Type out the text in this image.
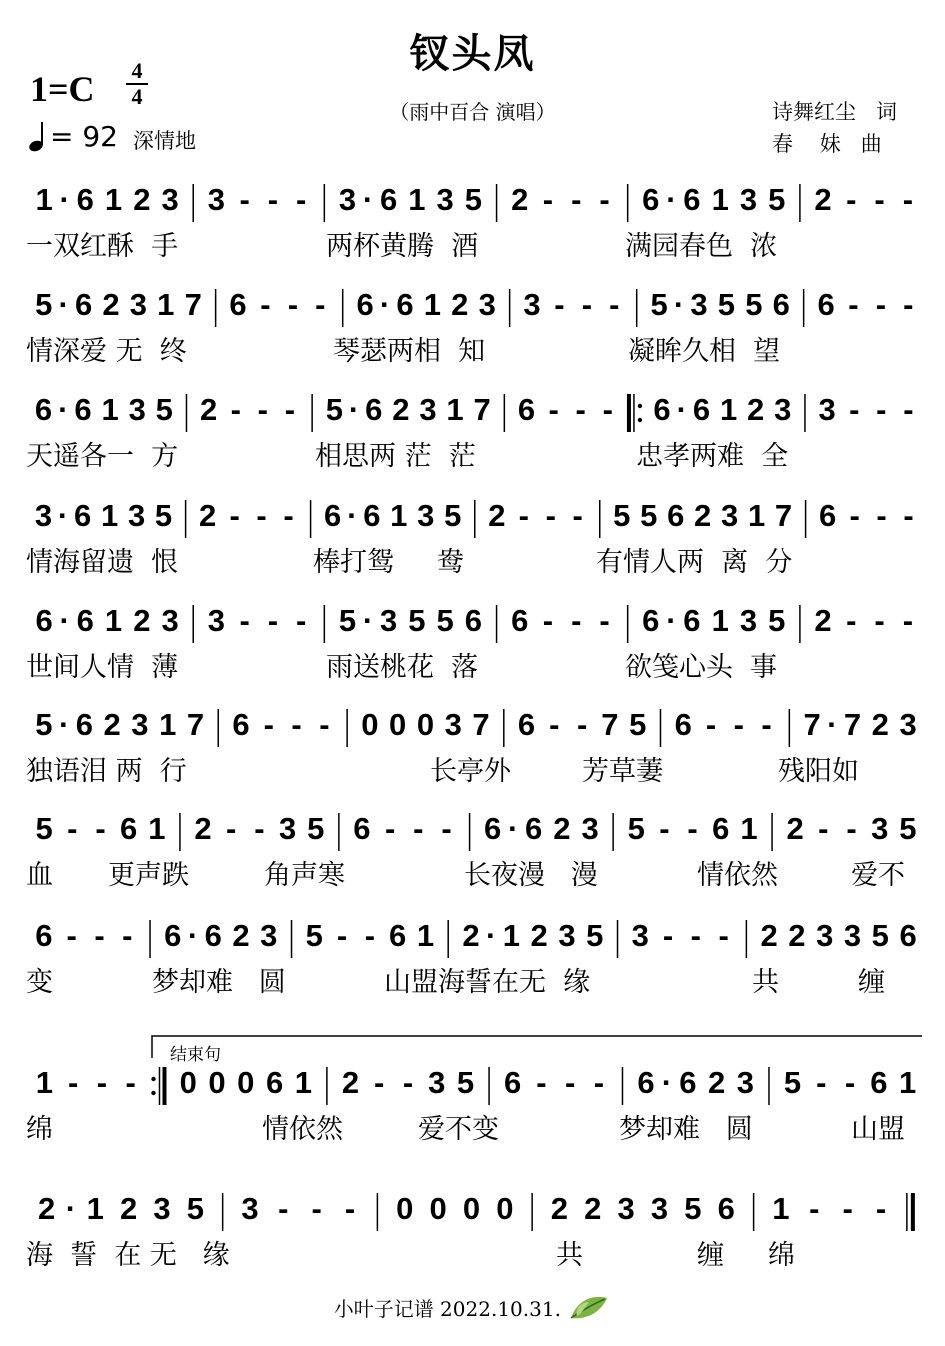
钗头凤
（雨中百合 演唱）
1=C	4
4
= 92 深情地
诗舞红尘   词
春    妹   曲
结束句
1 · 6 1 2 3 3 - - - 3 · 6 1 3 5 2 - - - 6 · 6 1 3 5 2 - - -
一双红酥  手	两杯黄腾  酒	满园春色  浓
5 · 6 2 3 1 7 6 - - - 6 · 6 1 2 3 3 - - - 5 · 3 5 5 6 6 - - -
情深爱 无  终	琴瑟两相  知	凝眸久相  望
6 · 6 1 3 5 2 - - - 5 · 6 2 3 1 7 6 - - - 6 · 6 1 2 3 3 - - -
天遥各一  方	相思两 茫  茫	忠孝两难  全
3 · 6 1 3 5 2 - - - 6 · 6 1 3 5 2 - - - 5 5 6 2 3 1 7 6 - - -
情海留遗  恨	棒打鸳     鸯	有情人两  离  分
6 · 6 1 2 3 3 - - - 5 · 3 5 5 6 6 - - - 6 · 6 1 3 5 2 - - -
世间人情  薄	雨送桃花  落	欲笺心头  事
5 · 6 2 3 1 7 6 - - - 0 0 0 3 7 6 - - 7 5 6 - - - 7 · 7 2 3
独语泪 两  行	长亭外	芳草萋	残阳如
5 - - 6 1 2 - - 3 5 6 - - - 6 · 6 2 3 5 - - 6 1 2 - - 3 5
血 更声跌	角声寒	长夜漫   漫	情依然	爱不
6 - - - 6 · 6 2 3 5 - - 6 1 2 · 1 2 3 5 3 - - - 2 2 3 3 5 6
变	梦却难   圆	山盟海誓在无  缘	共	缠
1 - - - 0 0 0 6 1 2 - - 3 5 6 - - - 6 · 6 2 3 5 - - 6 1
绵	情依然	爱不变	梦却难   圆	山盟
2 · 1 2 3 5 3 - - - 0 0 0 0 2 2 3 3 5 6 1 - - -
海  誓  在 无   缘	共	缠 绵
小叶子记谱 2022.10.31.
